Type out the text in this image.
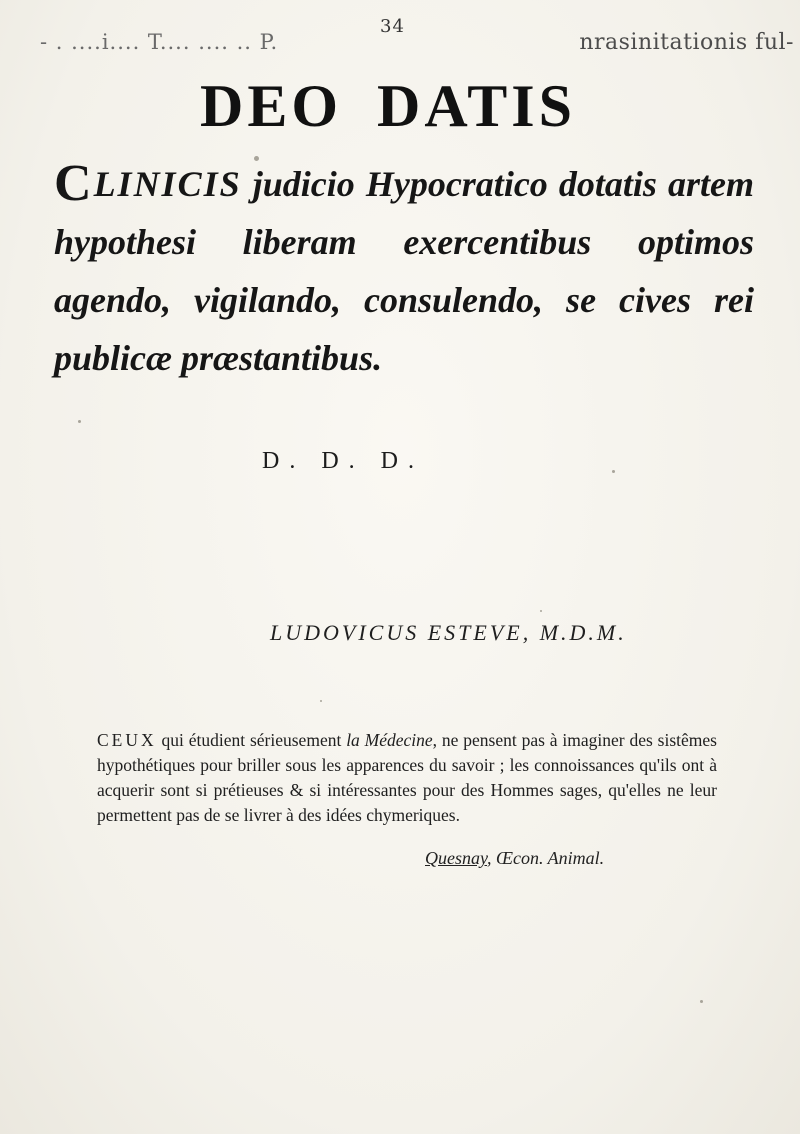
- . ....i.... T.... .... .. P.
34
nrasinitationis ful-
DEO DATIS
CLINICIS judicio Hypocratico dotatis artem hypothesi liberam exercentibus optimos agendo, vigilando, consulendo, se cives rei publicæ præstantibus.
D. D. D.
LUDOVICUS ESTEVE, M.D.M.
CEUX qui étudient sérieusement la Médecine, ne pensent pas à imaginer des sistêmes hypothétiques pour briller sous les apparences du savoir ; les connoissances qu'ils ont à acquerir sont si prétieuses & si intéressantes pour des Hommes sages, qu'elles ne leur permettent pas de se livrer à des idées chymeriques.
Quesnay, Œcon. Animal.
